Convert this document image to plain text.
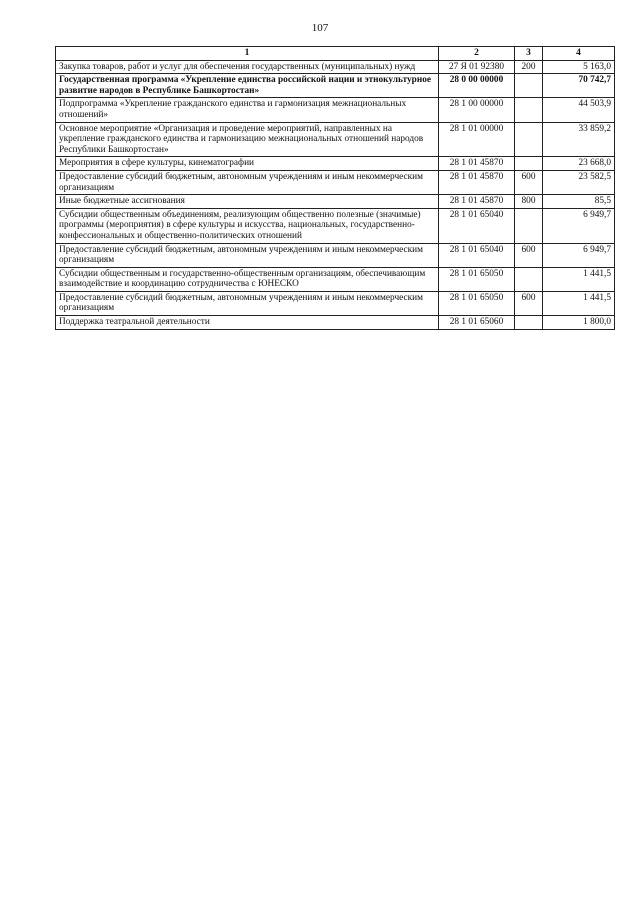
107
1	2	3	4
Закупка товаров, работ и услуг для обеспечения государственных (муниципальных) нужд	27 Я 01 92380	200	5 163,0
Государственная программа «Укрепление единства российской нации и этнокультурное развитие народов в Республике Башкортостан»	28 0 00 00000		70 742,7
Подпрограмма «Укрепление гражданского единства и гармонизация межнациональных отношений»	28 1 00 00000		44 503,9
Основное мероприятие «Организация и проведение мероприятий, направленных на укрепление гражданского единства и гармонизацию межнациональных отношений народов Республики Башкортостан»	28 1 01 00000		33 859,2
Мероприятия в сфере культуры, кинематографии	28 1 01 45870		23 668,0
Предоставление субсидий бюджетным, автономным учреждениям и иным некоммерческим организациям	28 1 01 45870	600	23 582,5
Иные бюджетные ассигнования	28 1 01 45870	800	85,5
Субсидии общественным объединениям, реализующим общественно полезные (значимые) программы (мероприятия) в сфере культуры и искусства, национальных, государственно-конфессиональных и общественно-политических отношений	28 1 01 65040		6 949,7
Предоставление субсидий бюджетным, автономным учреждениям и иным некоммерческим организациям	28 1 01 65040	600	6 949,7
Субсидии общественным и государственно-общественным организациям, обеспечивающим взаимодействие и координацию сотрудничества с ЮНЕСКО	28 1 01 65050		1 441,5
Предоставление субсидий бюджетным, автономным учреждениям и иным некоммерческим организациям	28 1 01 65050	600	1 441,5
Поддержка театральной деятельности	28 1 01 65060		1 800,0
